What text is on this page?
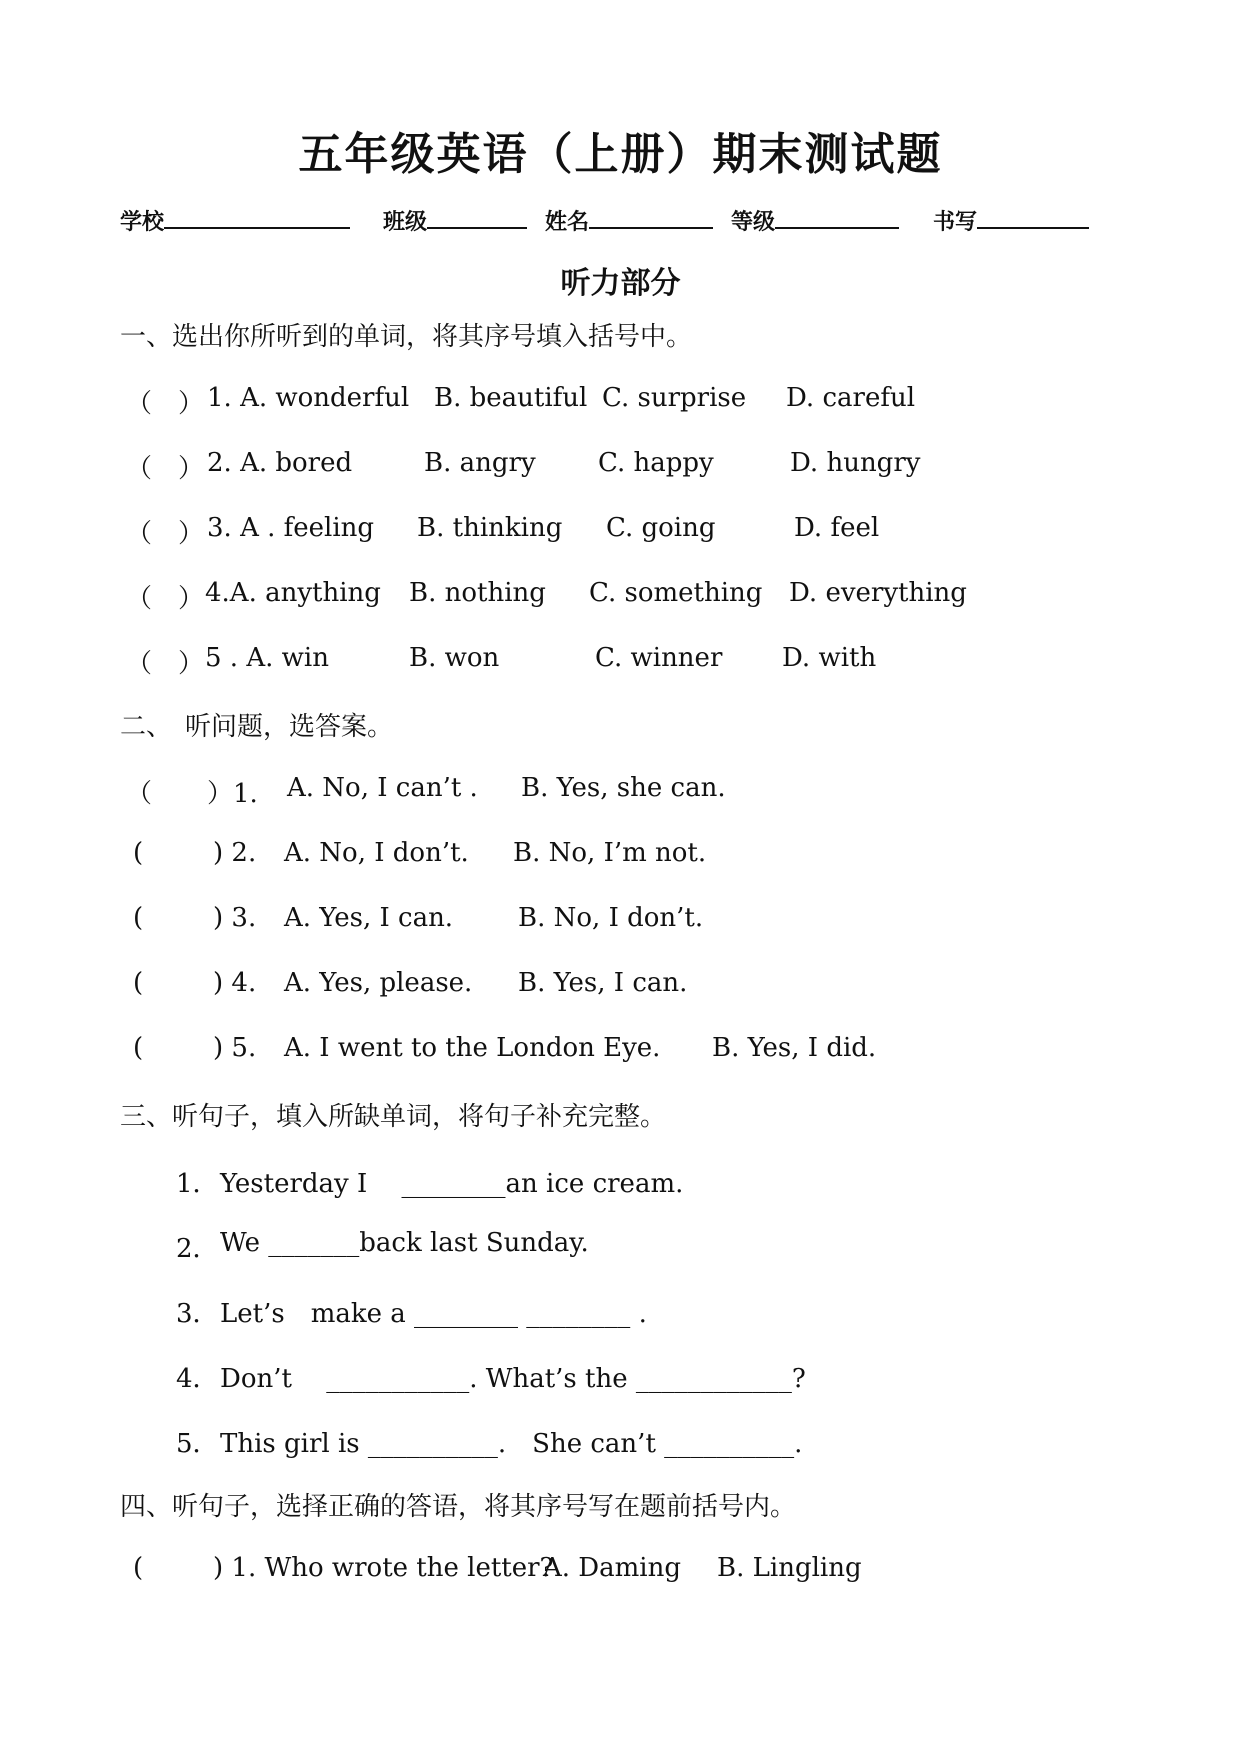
五年级英语（上册）期末测试题
学校	班级	姓名	等级	书写
听力部分
一、选出你所听到的单词，将其序号填入括号中。
（　） 1. A. wonderful B. beautiful C. surprise D. careful
（　） 2. A. bored	B. angry C. happy	D. hungry
（　） 3. A . feeling B. thinking C. going	D. feel
（　） 4.A. anything B. nothing C. something D. everything
（　） 5 . A. win	B. won	C. winner D. with
二、　听问题，选答案。
（ ）1. A. No, I can’t . B. Yes, she can.
(	) 2. A. No, I don’t. B. No, I’m not.
(	) 3. A. Yes, I can. B. No, I don’t.
(	) 4. A. Yes, please. B. Yes, I can.
(	) 5. A. I went to the London Eye. B. Yes, I did.
三、听句子，填入所缺单词，将句子补充完整。
1． Yesterday I　 ________an ice cream.
2． We _______back last Sunday.
3． Let’s　make a ________ ________ .
4． Don’t　 ___________. What’s the ____________?
5． This girl is __________.　She can’t __________.
四、听句子，选择正确的答语，将其序号写在题前括号内。
(	) 1. Who wrote the letter?
A. Daming B. Lingling
